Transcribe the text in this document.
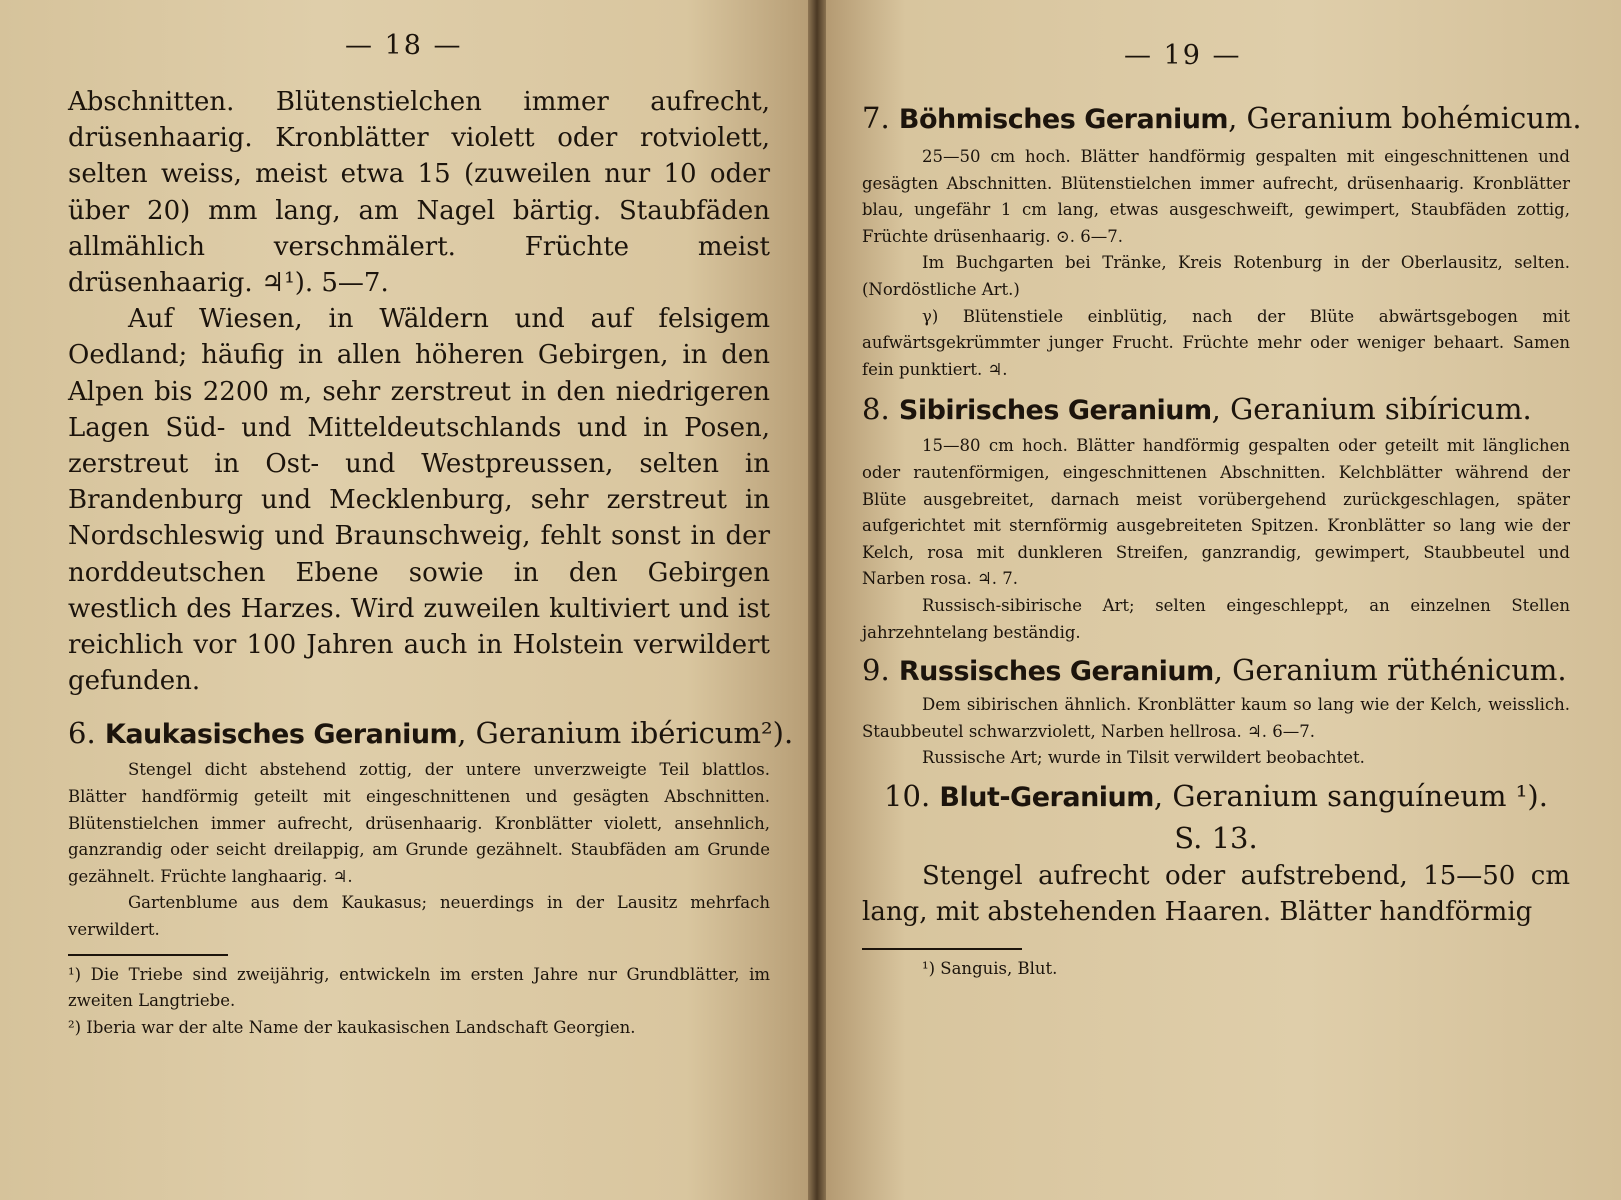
— 18 —

Abschnitten. Blütenstielchen immer aufrecht, drüsenhaarig. Kronblätter violett oder rotviolett, selten weiss, meist etwa 15 (zuweilen nur 10 oder über 20) mm lang, am Nagel bärtig. Staubfäden allmählich verschmälert. Früchte meist drüsenhaarig. ♃¹). 5—7.

Auf Wiesen, in Wäldern und auf felsigem Oedland; häufig in allen höheren Gebirgen, in den Alpen bis 2200 m, sehr zerstreut in den niedrigeren Lagen Süd- und Mitteldeutschlands und in Posen, zerstreut in Ost- und Westpreussen, selten in Brandenburg und Mecklenburg, sehr zerstreut in Nordschleswig und Braunschweig, fehlt sonst in der norddeutschen Ebene sowie in den Gebirgen westlich des Harzes. Wird zuweilen kultiviert und ist reichlich vor 100 Jahren auch in Holstein verwildert gefunden.

6. Kaukasisches Geranium, Geranium ibéricum²).

Stengel dicht abstehend zottig, der untere unverzweigte Teil blattlos. Blätter handförmig geteilt mit eingeschnittenen und gesägten Abschnitten. Blütenstielchen immer aufrecht, drüsenhaarig. Kronblätter violett, ansehnlich, ganzrandig oder seicht dreilappig, am Grunde gezähnelt. Staubfäden am Grunde gezähnelt. Früchte langhaarig. ♃.

Gartenblume aus dem Kaukasus; neuerdings in der Lausitz mehrfach verwildert.

¹) Die Triebe sind zweijährig, entwickeln im ersten Jahre nur Grundblätter, im zweiten Langtriebe.

²) Iberia war der alte Name der kaukasischen Landschaft Georgien.

— 19 —

7. Böhmisches Geranium, Geranium bohémicum.

25—50 cm hoch. Blätter handförmig gespalten mit eingeschnittenen und gesägten Abschnitten. Blütenstielchen immer aufrecht, drüsenhaarig. Kronblätter blau, ungefähr 1 cm lang, etwas ausgeschweift, gewimpert, Staubfäden zottig, Früchte drüsenhaarig. ⊙. 6—7.

Im Buchgarten bei Tränke, Kreis Rotenburg in der Oberlausitz, selten. (Nordöstliche Art.)

γ) Blütenstiele einblütig, nach der Blüte abwärtsgebogen mit aufwärtsgekrümmter junger Frucht. Früchte mehr oder weniger behaart. Samen fein punktiert. ♃.

8. Sibirisches Geranium, Geranium sibíricum.

15—80 cm hoch. Blätter handförmig gespalten oder geteilt mit länglichen oder rautenförmigen, eingeschnittenen Abschnitten. Kelchblätter während der Blüte ausgebreitet, darnach meist vorübergehend zurückgeschlagen, später aufgerichtet mit sternförmig ausgebreiteten Spitzen. Kronblätter so lang wie der Kelch, rosa mit dunkleren Streifen, ganzrandig, gewimpert, Staubbeutel und Narben rosa. ♃. 7.

Russisch-sibirische Art; selten eingeschleppt, an einzelnen Stellen jahrzehntelang beständig.

9. Russisches Geranium, Geranium rüthénicum.

Dem sibirischen ähnlich. Kronblätter kaum so lang wie der Kelch, weisslich. Staubbeutel schwarzviolett, Narben hellrosa. ♃. 6—7.

Russische Art; wurde in Tilsit verwildert beobachtet.

10. Blut-Geranium, Geranium sanguíneum ¹).

S. 13.

Stengel aufrecht oder aufstrebend, 15—50 cm lang, mit abstehenden Haaren. Blätter handförmig

¹) Sanguis, Blut.
